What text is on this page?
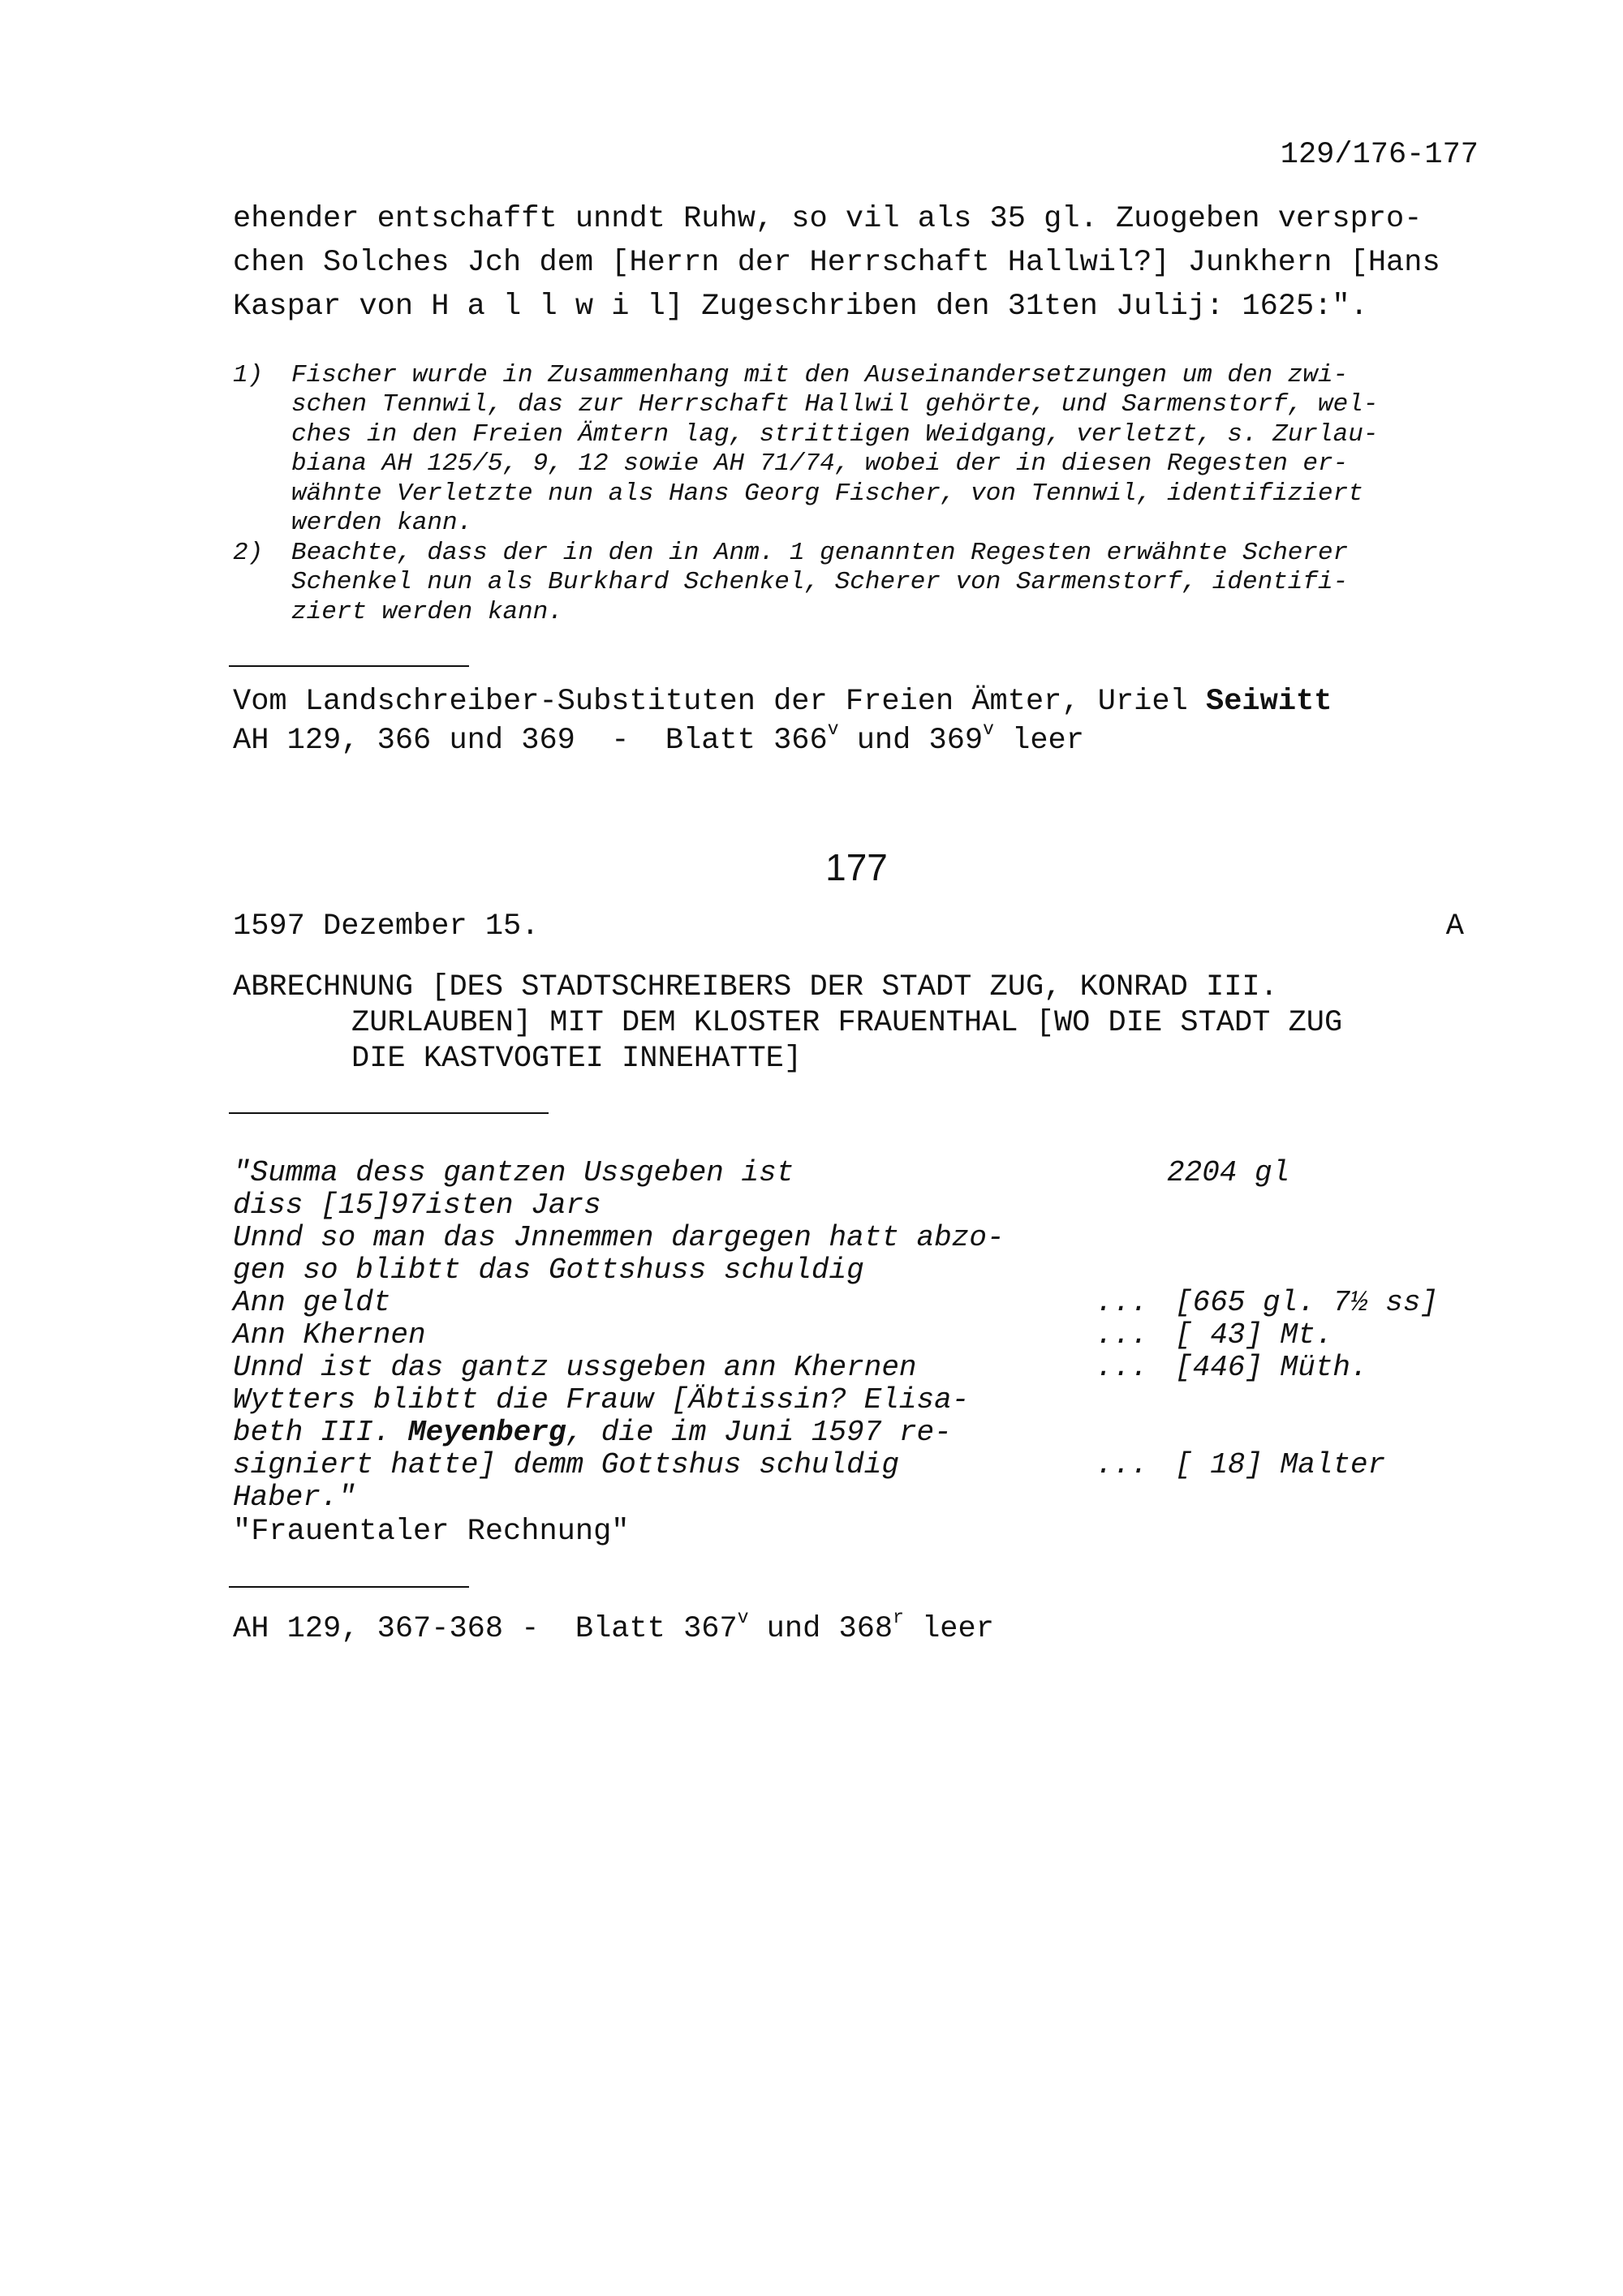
129/176-177
ehender entschafft unndt Ruhw, so vil als 35 gl. Zuogeben verspro-
chen Solches Jch dem [Herrn der Herrschaft Hallwil?] Junkhern [Hans
Kaspar von H a l l w i l] Zugeschriben den 31ten Julij: 1625:".
1) Fischer wurde in Zusammenhang mit den Auseinandersetzungen um den zwi-
schen Tennwil, das zur Herrschaft Hallwil gehörte, und Sarmenstorf, wel-
ches in den Freien Ämtern lag, strittigen Weidgang, verletzt, s. Zurlau-
biana AH 125/5, 9, 12 sowie AH 71/74, wobei der in diesen Regesten er-
wähnte Verletzte nun als Hans Georg Fischer, von Tennwil, identifiziert
werden kann.
2) Beachte, dass der in den in Anm. 1 genannten Regesten erwähnte Scherer
Schenkel nun als Burkhard Schenkel, Scherer von Sarmenstorf, identifi-
ziert werden kann.
Vom Landschreiber-Substituten der Freien Ämter, Uriel Seiwitt
AH 129, 366 und 369  -  Blatt 366$^v$ und 369$^v$ leer
177
1597 Dezember 15.	A
ABRECHNUNG [DES STADTSCHREIBERS DER STADT ZUG, KONRAD III.
ZURLAUBEN] MIT DEM KLOSTER FRAUENTHAL [WO DIE STADT ZUG
DIE KASTVOGTEI INNEHATTE]
"Summa dess gantzen Ussgeben ist	2204 gl
diss [15]97isten Jars
Unnd so man das Jnnemmen dargegen hatt abzo-
gen so blibtt das Gottshuss schuldig
Ann geldt	... [665 gl. 7½ ss]
Ann Khernen	... [ 43] Mt.
Unnd ist das gantz ussgeben ann Khernen	... [446] Müth.
Wytters blibtt die Frauw [Äbtissin? Elisa-
beth III. Meyenberg, die im Juni 1597 re-
signiert hatte] demm Gottshus schuldig	... [ 18] Malter
Haber."
"Frauentaler Rechnung"
AH 129, 367-368 -  Blatt 367$^v$ und 368$^r$ leer
